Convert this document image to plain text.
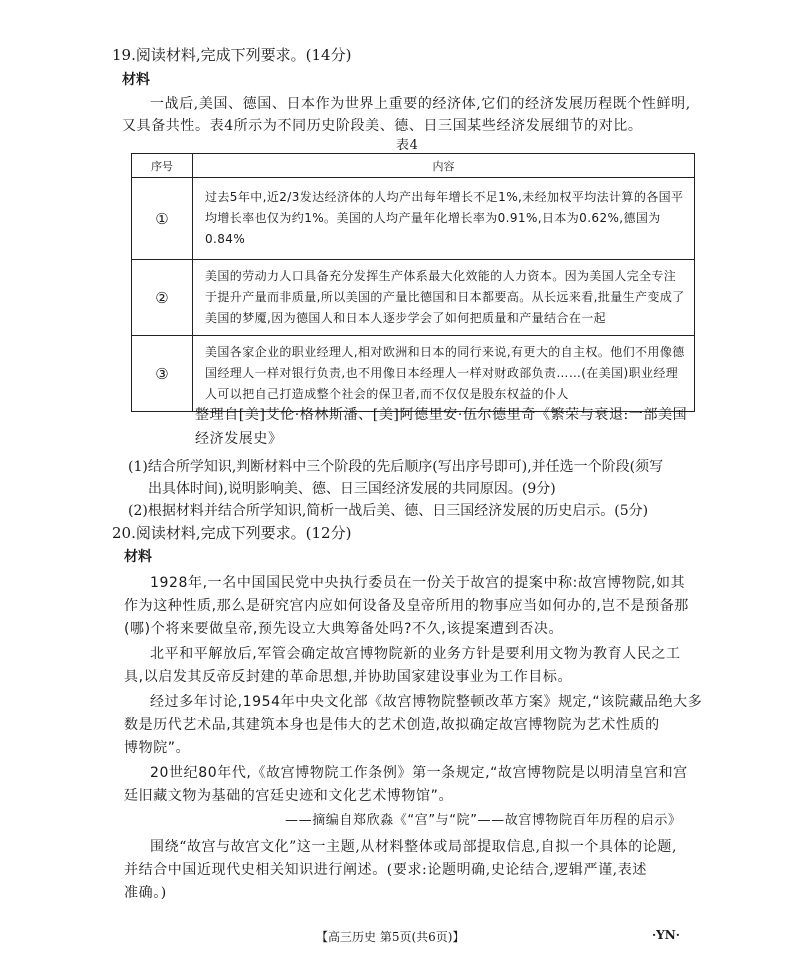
19.阅读材料,完成下列要求。(14分)
材料
一战后,美国、德国、日本作为世界上重要的经济体,它们的经济发展历程既个性鲜明,
又具备共性。表4所示为不同历史阶段美、德、日三国某些经济发展细节的对比。
表4
序号	内容
①	过去5年中,近2/3发达经济体的人均产出每年增长不足1%,未经加权平均法计算的各国平均增长率也仅为约1%。美国的人均产量年化增长率为0.91%,日本为0.62%,德国为0.84%
②	美国的劳动力人口具备充分发挥生产体系最大化效能的人力资本。因为美国人完全专注于提升产量而非质量,所以美国的产量比德国和日本都要高。从长远来看,批量生产变成了美国的梦魇,因为德国人和日本人逐步学会了如何把质量和产量结合在一起
③	美国各家企业的职业经理人,相对欧洲和日本的同行来说,有更大的自主权。他们不用像德国经理人一样对银行负责,也不用像日本经理人一样对财政部负责……(在美国)职业经理人可以把自己打造成整个社会的保卫者,而不仅仅是股东权益的仆人
整理自[美]艾伦·格林斯潘、[美]阿德里安·伍尔德里奇《繁荣与衰退:一部美国
经济发展史》
(1)结合所学知识,判断材料中三个阶段的先后顺序(写出序号即可),并任选一个阶段(须写
出具体时间),说明影响美、德、日三国经济发展的共同原因。(9分)
(2)根据材料并结合所学知识,简析一战后美、德、日三国经济发展的历史启示。(5分)
20.阅读材料,完成下列要求。(12分)
材料
1928年,一名中国国民党中央执行委员在一份关于故宫的提案中称:故宫博物院,如其
作为这种性质,那么是研究宫内应如何设备及皇帝所用的物事应当如何办的,岂不是预备那
(哪)个将来要做皇帝,预先设立大典筹备处吗?不久,该提案遭到否决。
北平和平解放后,军管会确定故宫博物院新的业务方针是要利用文物为教育人民之工
具,以启发其反帝反封建的革命思想,并协助国家建设事业为工作目标。
经过多年讨论,1954年中央文化部《故宫博物院整顿改革方案》规定,“该院藏品绝大多
数是历代艺术品,其建筑本身也是伟大的艺术创造,故拟确定故宫博物院为艺术性质的
博物院”。
20世纪80年代,《故宫博物院工作条例》第一条规定,“故宫博物院是以明清皇宫和宫
廷旧藏文物为基础的宫廷史迹和文化艺术博物馆”。
——摘编自郑欣淼《“宫”与“院”——故宫博物院百年历程的启示》
围绕“故宫与故宫文化”这一主题,从材料整体或局部提取信息,自拟一个具体的论题,
并结合中国近现代史相关知识进行阐述。(要求:论题明确,史论结合,逻辑严谨,表述
准确。)
【高三历史 第5页(共6页)】	·YN·
